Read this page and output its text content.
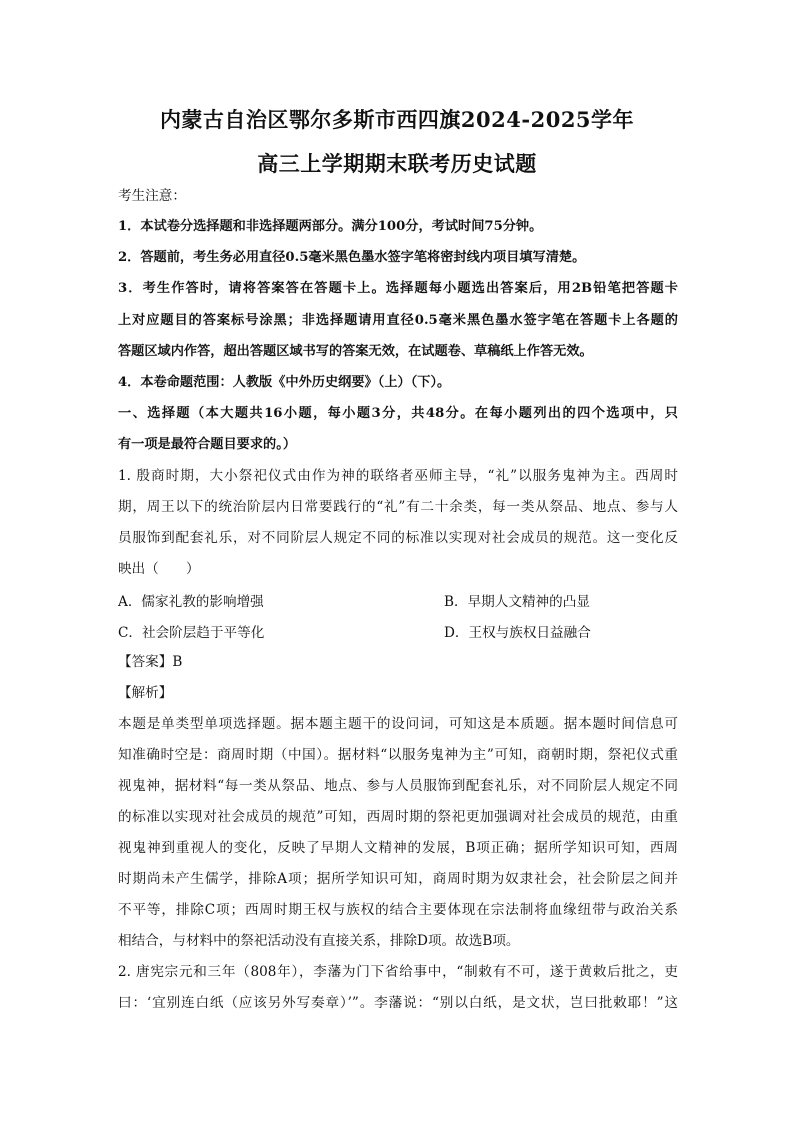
内蒙古自治区鄂尔多斯市西四旗2024-2025学年
高三上学期期末联考历史试题
考生注意：
1．本试卷分选择题和非选择题两部分。满分100分，考试时间75分钟。
2．答题前，考生务必用直径0.5毫米黑色墨水签字笔将密封线内项目填写清楚。
3．考生作答时，请将答案答在答题卡上。选择题每小题选出答案后，用2B铅笔把答题卡
上对应题目的答案标号涂黑；非选择题请用直径0.5毫米黑色墨水签字笔在答题卡上各题的
答题区域内作答，超出答题区域书写的答案无效，在试题卷、草稿纸上作答无效。
4．本卷命题范围：人教版《中外历史纲要》（上）（下）。
一、选择题（本大题共16小题，每小题3分，共48分。在每小题列出的四个选项中，只
有一项是最符合题目要求的。）
1. 殷商时期，大小祭祀仪式由作为神的联络者巫师主导，“礼”以服务鬼神为主。西周时
期，周王以下的统治阶层内日常要践行的“礼”有二十余类，每一类从祭品、地点、参与人
员服饰到配套礼乐，对不同阶层人规定不同的标准以实现对社会成员的规范。这一变化反
映出（　　）
A．儒家礼教的影响增强	B．早期人文精神的凸显
C．社会阶层趋于平等化	D．王权与族权日益融合
【答案】B
【解析】
本题是单类型单项选择题。据本题主题干的设问词，可知这是本质题。据本题时间信息可
知准确时空是：商周时期（中国）。据材料“以服务鬼神为主”可知，商朝时期，祭祀仪式重
视鬼神，据材料“每一类从祭品、地点、参与人员服饰到配套礼乐，对不同阶层人规定不同
的标准以实现对社会成员的规范”可知，西周时期的祭祀更加强调对社会成员的规范，由重
视鬼神到重视人的变化，反映了早期人文精神的发展，B项正确；据所学知识可知，西周
时期尚未产生儒学，排除A项；据所学知识可知，商周时期为奴隶社会，社会阶层之间并
不平等，排除C项；西周时期王权与族权的结合主要体现在宗法制将血缘纽带与政治关系
相结合，与材料中的祭祀活动没有直接关系，排除D项。故选B项。
2. 唐宪宗元和三年（808年），李藩为门下省给事中，“制敕有不可，遂于黄敕后批之，吏
曰：‘宜别连白纸（应该另外写奏章）’”。李藩说：“别以白纸，是文状，岂曰批敕耶！”这
